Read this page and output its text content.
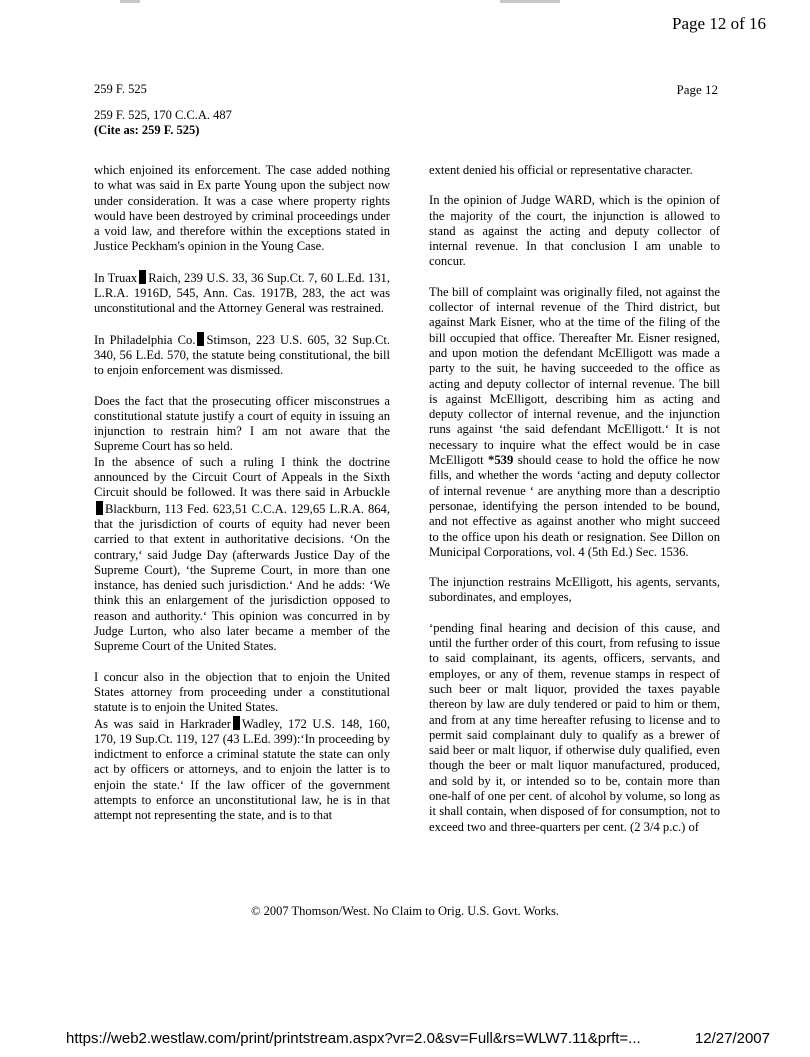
Page 12 of 16
259 F. 525	Page 12
259 F. 525, 170 C.C.A. 487
(Cite as: 259 F. 525)

which enjoined its enforcement. The case added nothing to what was said in Ex parte Young upon the subject now under consideration. It was a case where property rights would have been destroyed by criminal proceedings under a void law, and therefore within the exceptions stated in Justice Peckham's opinion in the Young Case.

In Truax Raich, 239 U.S. 33, 36 Sup.Ct. 7, 60 L.Ed. 131, L.R.A. 1916D, 545, Ann. Cas. 1917B, 283, the act was unconstitutional and the Attorney General was restrained.

In Philadelphia Co. Stimson, 223 U.S. 605, 32 Sup.Ct. 340, 56 L.Ed. 570, the statute being constitutional, the bill to enjoin enforcement was dismissed.

Does the fact that the prosecuting officer misconstrues a constitutional statute justify a court of equity in issuing an injunction to restrain him? I am not aware that the Supreme Court has so held.

In the absence of such a ruling I think the doctrine announced by the Circuit Court of Appeals in the Sixth Circuit should be followed. It was there said in ArbuckleBlackburn, 113 Fed. 623,51 C.C.A. 129,65 L.R.A. 864, that the jurisdiction of courts of equity had never been carried to that extent in authoritative decisions. ‘On the contrary,‘ said Judge Day (afterwards Justice Day of the Supreme Court), ‘the Supreme Court, in more than one instance, has denied such jurisdiction.‘ And he adds: ‘We think this an enlargement of the jurisdiction opposed to reason and authority.‘ This opinion was concurred in by Judge Lurton, who also later became a member of the Supreme Court of the United States.

I concur also in the objection that to enjoin the United States attorney from proceeding under a constitutional statute is to enjoin the United States.

As was said in Harkrader Wadley, 172 U.S. 148, 160, 170, 19 Sup.Ct. 119, 127 (43 L.Ed. 399):‘In proceeding by indictment to enforce a criminal statute the state can only act by officers or attorneys, and to enjoin the latter is to enjoin the state.‘ If the law officer of the government attempts to enforce an unconstitutional law, he is in that attempt not representing the state, and is to that

extent denied his official or representative character.

In the opinion of Judge WARD, which is the opinion of the majority of the court, the injunction is allowed to stand as against the acting and deputy collector of internal revenue. In that conclusion I am unable to concur.

The bill of complaint was originally filed, not against the collector of internal revenue of the Third district, but against Mark Eisner, who at the time of the filing of the bill occupied that office. Thereafter Mr. Eisner resigned, and upon motion the defendant McElligott was made a party to the suit, he having succeeded to the office as acting and deputy collector of internal revenue. The bill is against McElligott, describing him as acting and deputy collector of internal revenue, and the injunction runs against ‘the said defendant McElligott.‘ It is not necessary to inquire what the effect would be in case McElligott *539 should cease to hold the office he now fills, and whether the words ‘acting and deputy collector of internal revenue ‘ are anything more than a descriptio personae, identifying the person intended to be bound, and not effective as against another who might succeed to the office upon his death or resignation. See Dillon on Municipal Corporations, vol. 4 (5th Ed.) Sec. 1536.

The injunction restrains McElligott, his agents, servants, subordinates, and employes,

‘pending final hearing and decision of this cause, and until the further order of this court, from refusing to issue to said complainant, its agents, officers, servants, and employes, or any of them, revenue stamps in respect of such beer or malt liquor, provided the taxes payable thereon by law are duly tendered or paid to him or them, and from at any time hereafter refusing to license and to permit said complainant duly to qualify as a brewer of said beer or malt liquor, if otherwise duly qualified, even though the beer or malt liquor manufactured, produced, and sold by it, or intended so to be, contain more than one-half of one per cent. of alcohol by volume, so long as it shall contain, when disposed of for consumption, not to exceed two and three-quarters per cent. (2 3/4 p.c.) of

© 2007 Thomson/West. No Claim to Orig. U.S. Govt. Works.
https://web2.westlaw.com/print/printstream.aspx?vr=2.0&sv=Full&rs=WLW7.11&prft=...	12/27/2007
